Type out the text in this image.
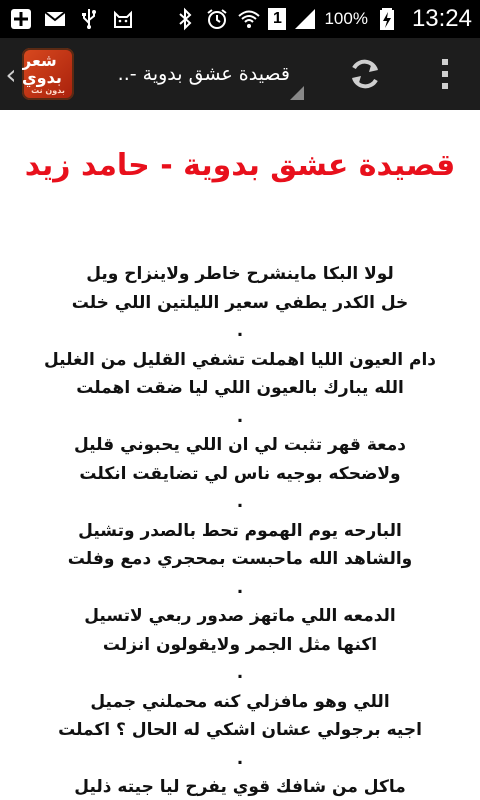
1	100% 13:24
‹ شعر بدوي
بدون نت
قصيدة عشق بدوية -..
قصيدة عشق بدوية - حامد زيد
لولا البكا ماينشرح خاطر ولاينزاح ويل
خل الكدر يطفي سعير الليلتين اللي خلت
.
دام العيون الليا اهملت تشفي القليل من الغليل
الله يبارك بالعيون اللي ليا ضقت اهملت
.
دمعة قهر تثبت لي ان اللي يحبوني قليل
ولاضحكه بوجيه ناس لي تضايقت انكلت
.
البارحه يوم الهموم تحط بالصدر وتشيل
والشاهد الله ماحبست بمحجري دمع وفلت
.
الدمعه اللي ماتهز صدور ربعي لاتسيل
اكنها مثل الجمر ولايقولون انزلت
.
اللي وهو مافزلي كنه محملني جميل
اجيه برجولي عشان اشكي له الحال ؟ اكملت
.
ماكل من شافك قوي يفرح ليا جيته ذليل
